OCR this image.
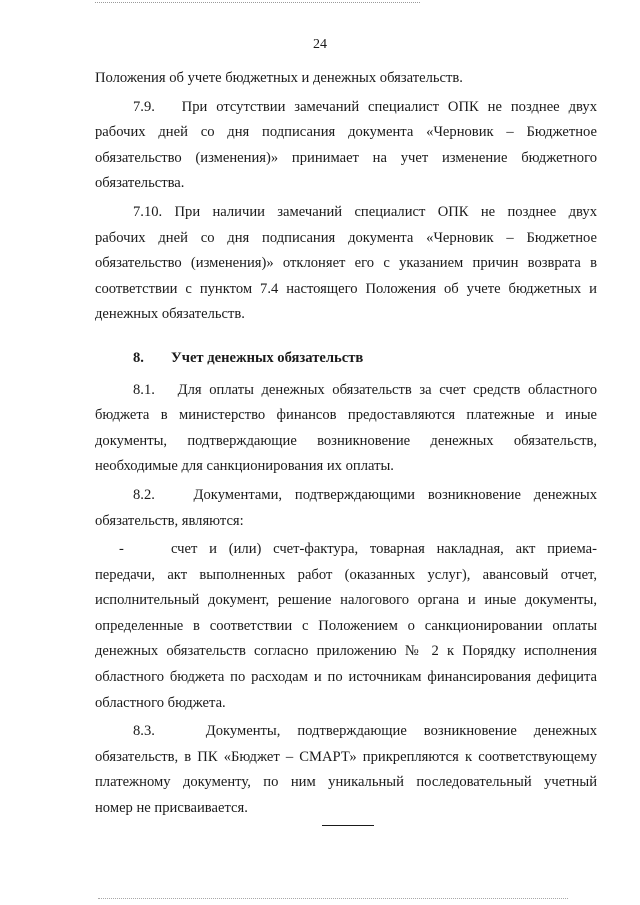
24

Положения об учете бюджетных и денежных обязательств.

7.9.   При отсутствии замечаний специалист ОПК не позднее двух
рабочих дней со дня подписания документа «Черновик – Бюджетное
обязательство (изменения)» принимает на учет изменение бюджетного
обязательства.

7.10. При наличии замечаний специалист ОПК не позднее двух
рабочих дней со дня подписания документа «Черновик – Бюджетное
обязательство (изменения)» отклоняет его с указанием причин возврата в
соответствии с пунктом 7.4 настоящего Положения об учете бюджетных и
денежных обязательств.

8. Учет денежных обязательств

8.1.   Для оплаты денежных обязательств за счет средств областного
бюджета в министерство финансов предоставляются платежные и иные
документы, подтверждающие возникновение денежных обязательств,
необходимые для санкционирования их оплаты.

8.2.   Документами, подтверждающими возникновение денежных
обязательств, являются:

-	счет и (или) счет-фактура, товарная накладная, акт приема-
передачи, акт выполненных работ (оказанных услуг), авансовый отчет,
исполнительный документ, решение налогового органа и иные документы,
определенные в соответствии с Положением о санкционировании оплаты
денежных обязательств согласно приложению № 2 к Порядку исполнения
областного бюджета по расходам и по источникам финансирования дефицита
областного бюджета.

8.3.   Документы, подтверждающие возникновение денежных
обязательств, в ПК «Бюджет – СМАРТ» прикрепляются к соответствующему
платежному документу, по ним уникальный последовательный учетный
номер не присваивается.
